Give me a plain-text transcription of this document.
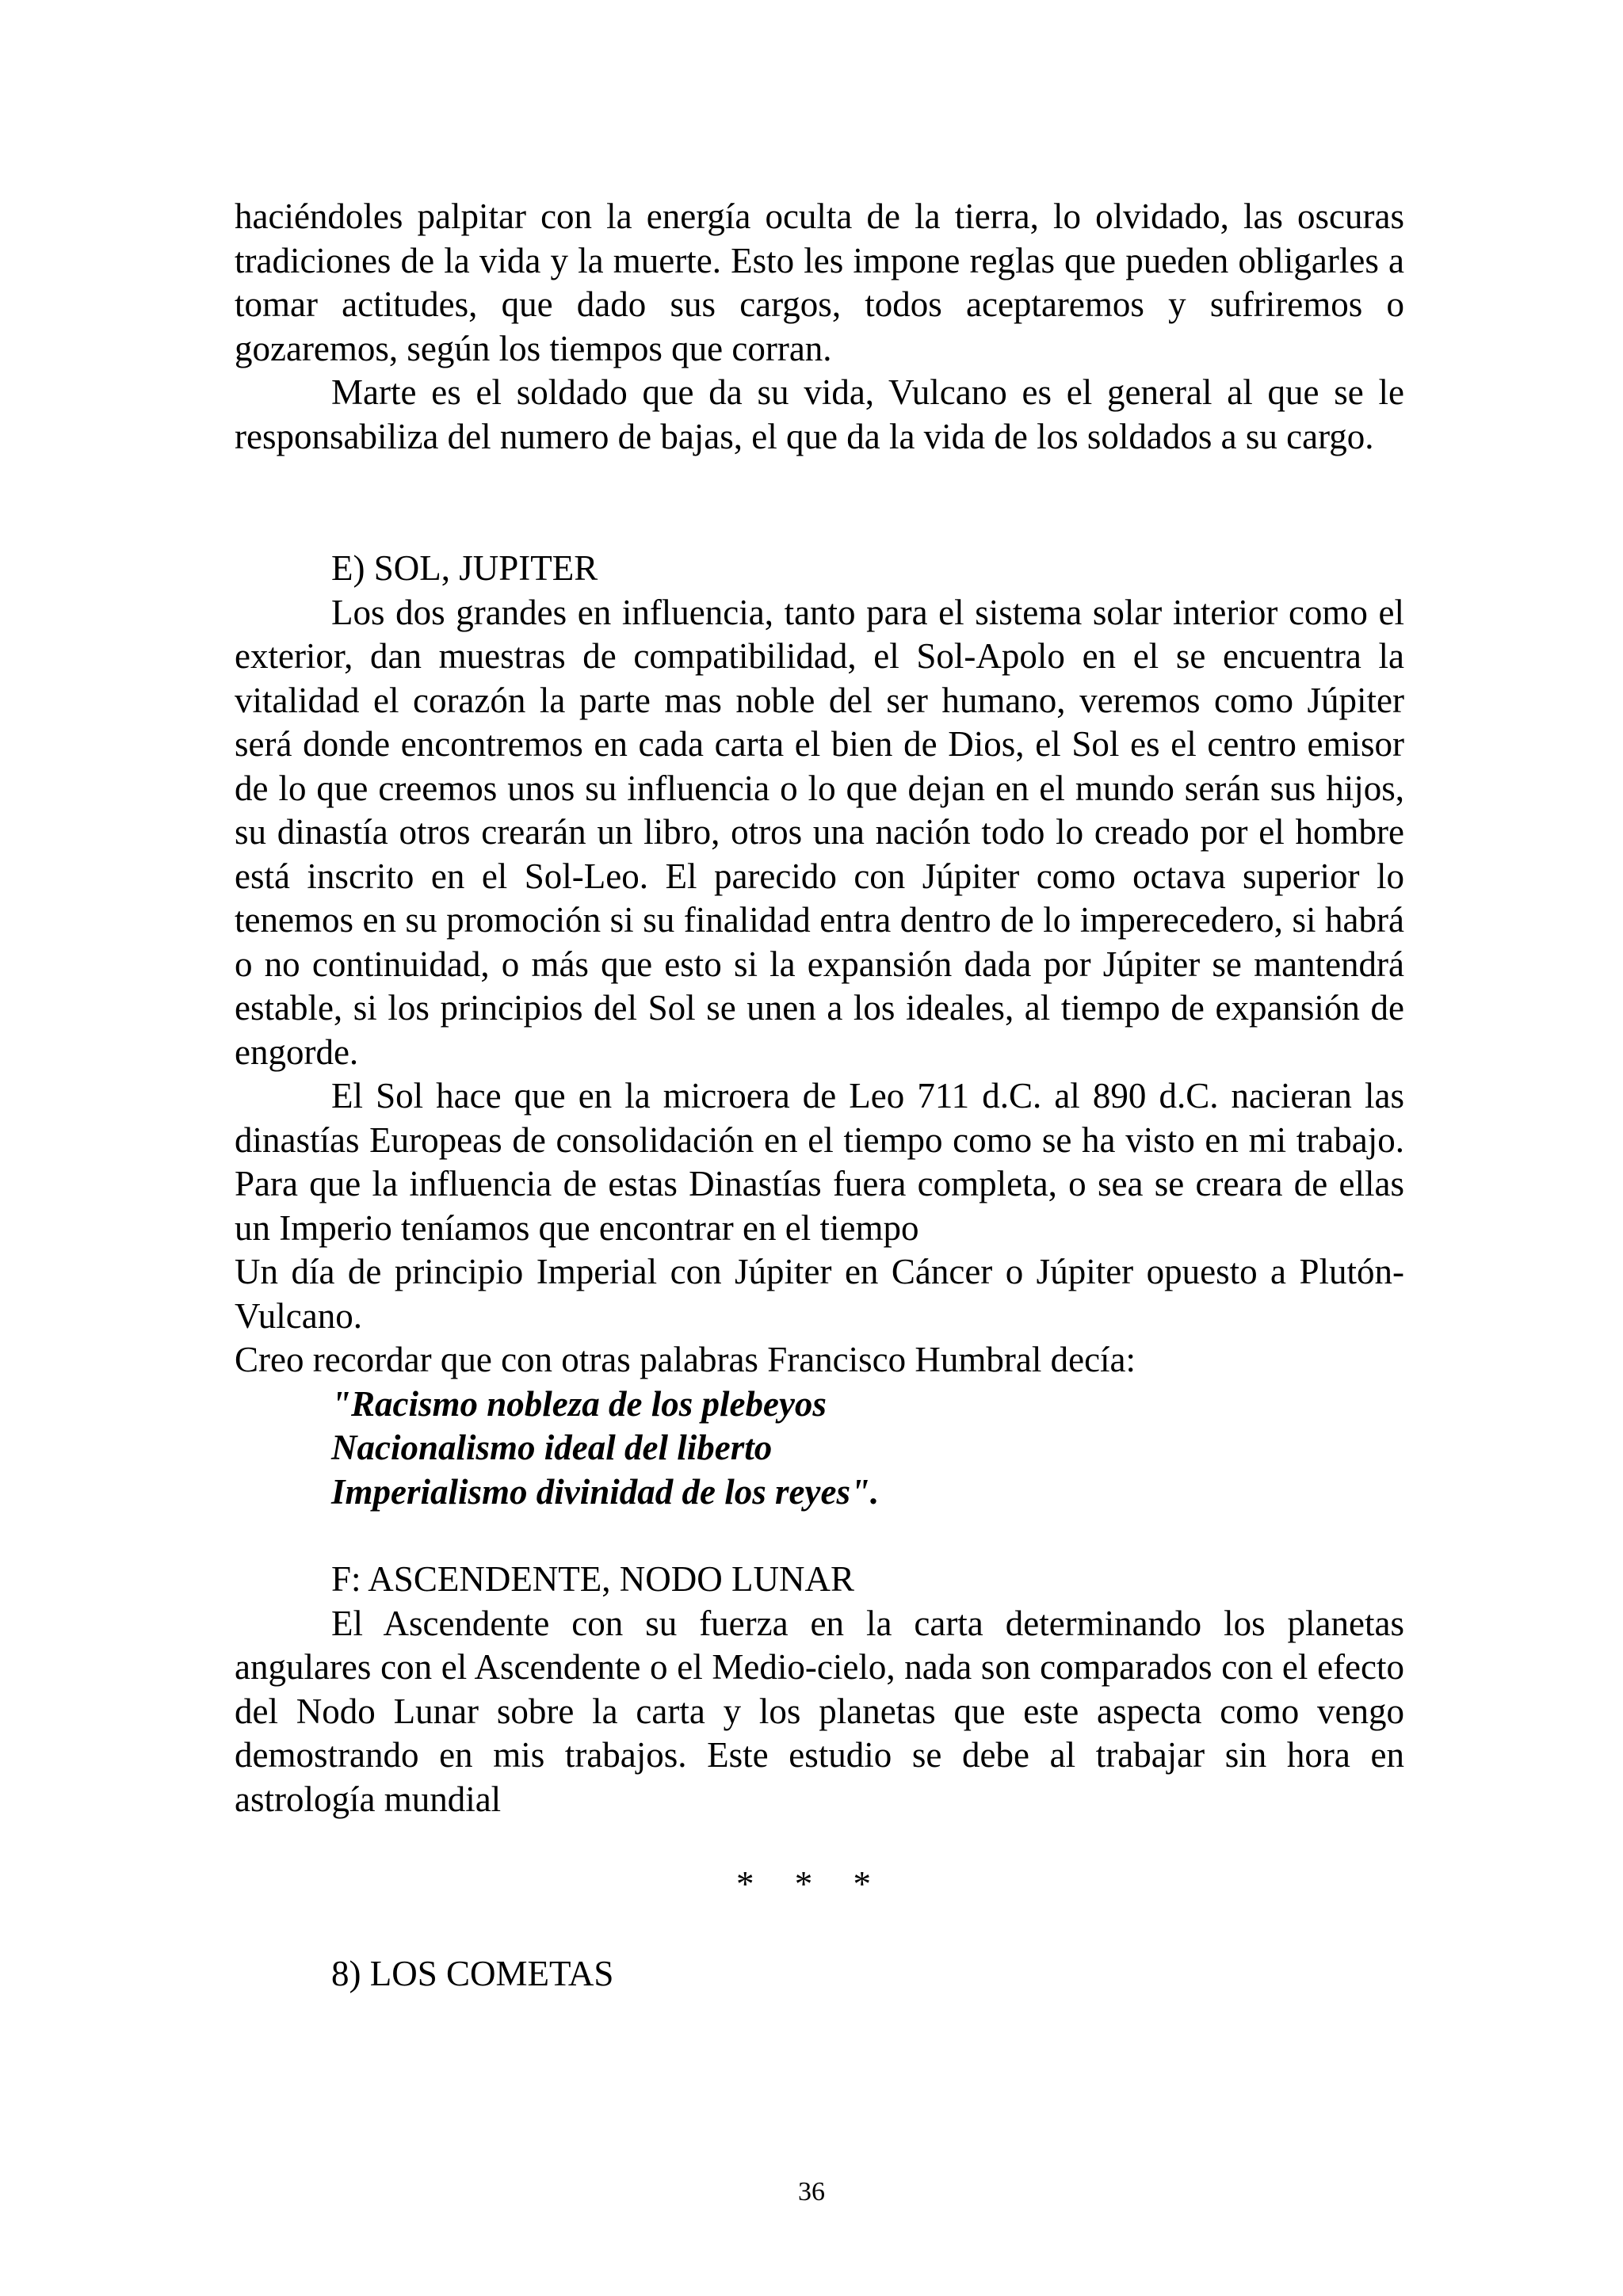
haciéndoles palpitar con la energía oculta de la tierra, lo olvidado, las oscuras tradiciones de la vida y la muerte. Esto les impone reglas que pueden obligarles a tomar actitudes, que dado sus cargos, todos aceptaremos y sufriremos o gozaremos, según los tiempos que corran.

Marte es el soldado que da su vida, Vulcano es el general al que se le responsabiliza del numero de bajas, el que da la vida de los soldados a su cargo.

E) SOL, JUPITER

Los dos grandes en influencia, tanto para el sistema solar interior como el exterior, dan muestras de compatibilidad, el Sol-Apolo en el se encuentra la vitalidad el corazón la parte mas noble del ser humano, veremos como Júpiter será donde encontremos en cada carta el bien de Dios, el Sol es el centro emisor de lo que creemos unos su influencia o lo que dejan en el mundo serán sus hijos, su dinastía otros crearán un libro, otros una nación todo lo creado por el hombre está inscrito en el Sol-Leo. El parecido con Júpiter como octava superior lo tenemos en su promoción si su finalidad entra dentro de lo imperecedero, si habrá o no continuidad, o más que esto si la expansión dada por Júpiter se mantendrá estable, si los principios del Sol se unen a los ideales, al tiempo de expansión de engorde.

El Sol hace que en la microera de Leo 711 d.C. al 890 d.C. nacieran las dinastías Europeas de consolidación en el tiempo como se ha visto en mi trabajo. Para que la influencia de estas Dinastías fuera completa, o sea se creara de ellas un Imperio teníamos que encontrar en el tiempo

Un día de principio Imperial con Júpiter en Cáncer o Júpiter opuesto a Plutón-Vulcano.

Creo recordar que con otras palabras Francisco Humbral decía:

"Racismo nobleza de los plebeyos

Nacionalismo ideal del liberto

Imperialismo divinidad de los reyes".

F: ASCENDENTE, NODO LUNAR

El Ascendente con su fuerza en la carta determinando los planetas angulares con el Ascendente o el Medio-cielo, nada son comparados con el efecto del Nodo Lunar sobre la carta y los planetas que este aspecta como vengo demostrando en mis trabajos. Este estudio se debe al trabajar sin hora en astrología mundial

* * *

8) LOS COMETAS

36
